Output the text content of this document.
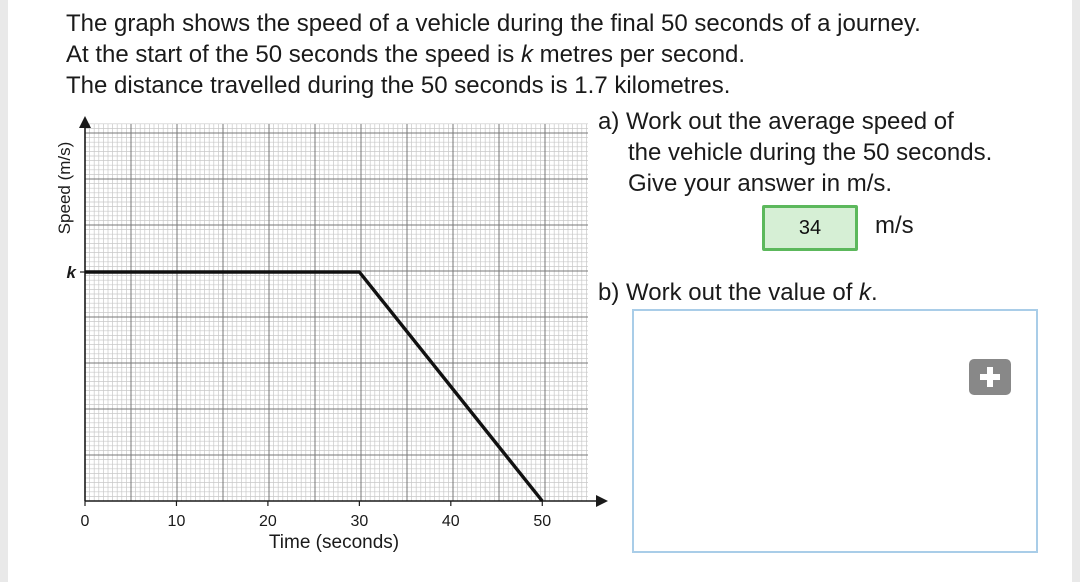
The graph shows the speed of a vehicle during the final 50 seconds of a journey.
At the start of the 50 seconds the speed is k metres per second.
The distance travelled during the 50 seconds is 1.7 kilometres.
0	10	20	30	40	50
k
Time (seconds)
Speed (m/s)
a) Work out the average speed of
the vehicle during the 50 seconds.
Give your answer in m/s.
34 m/s
b) Work out the value of k.
